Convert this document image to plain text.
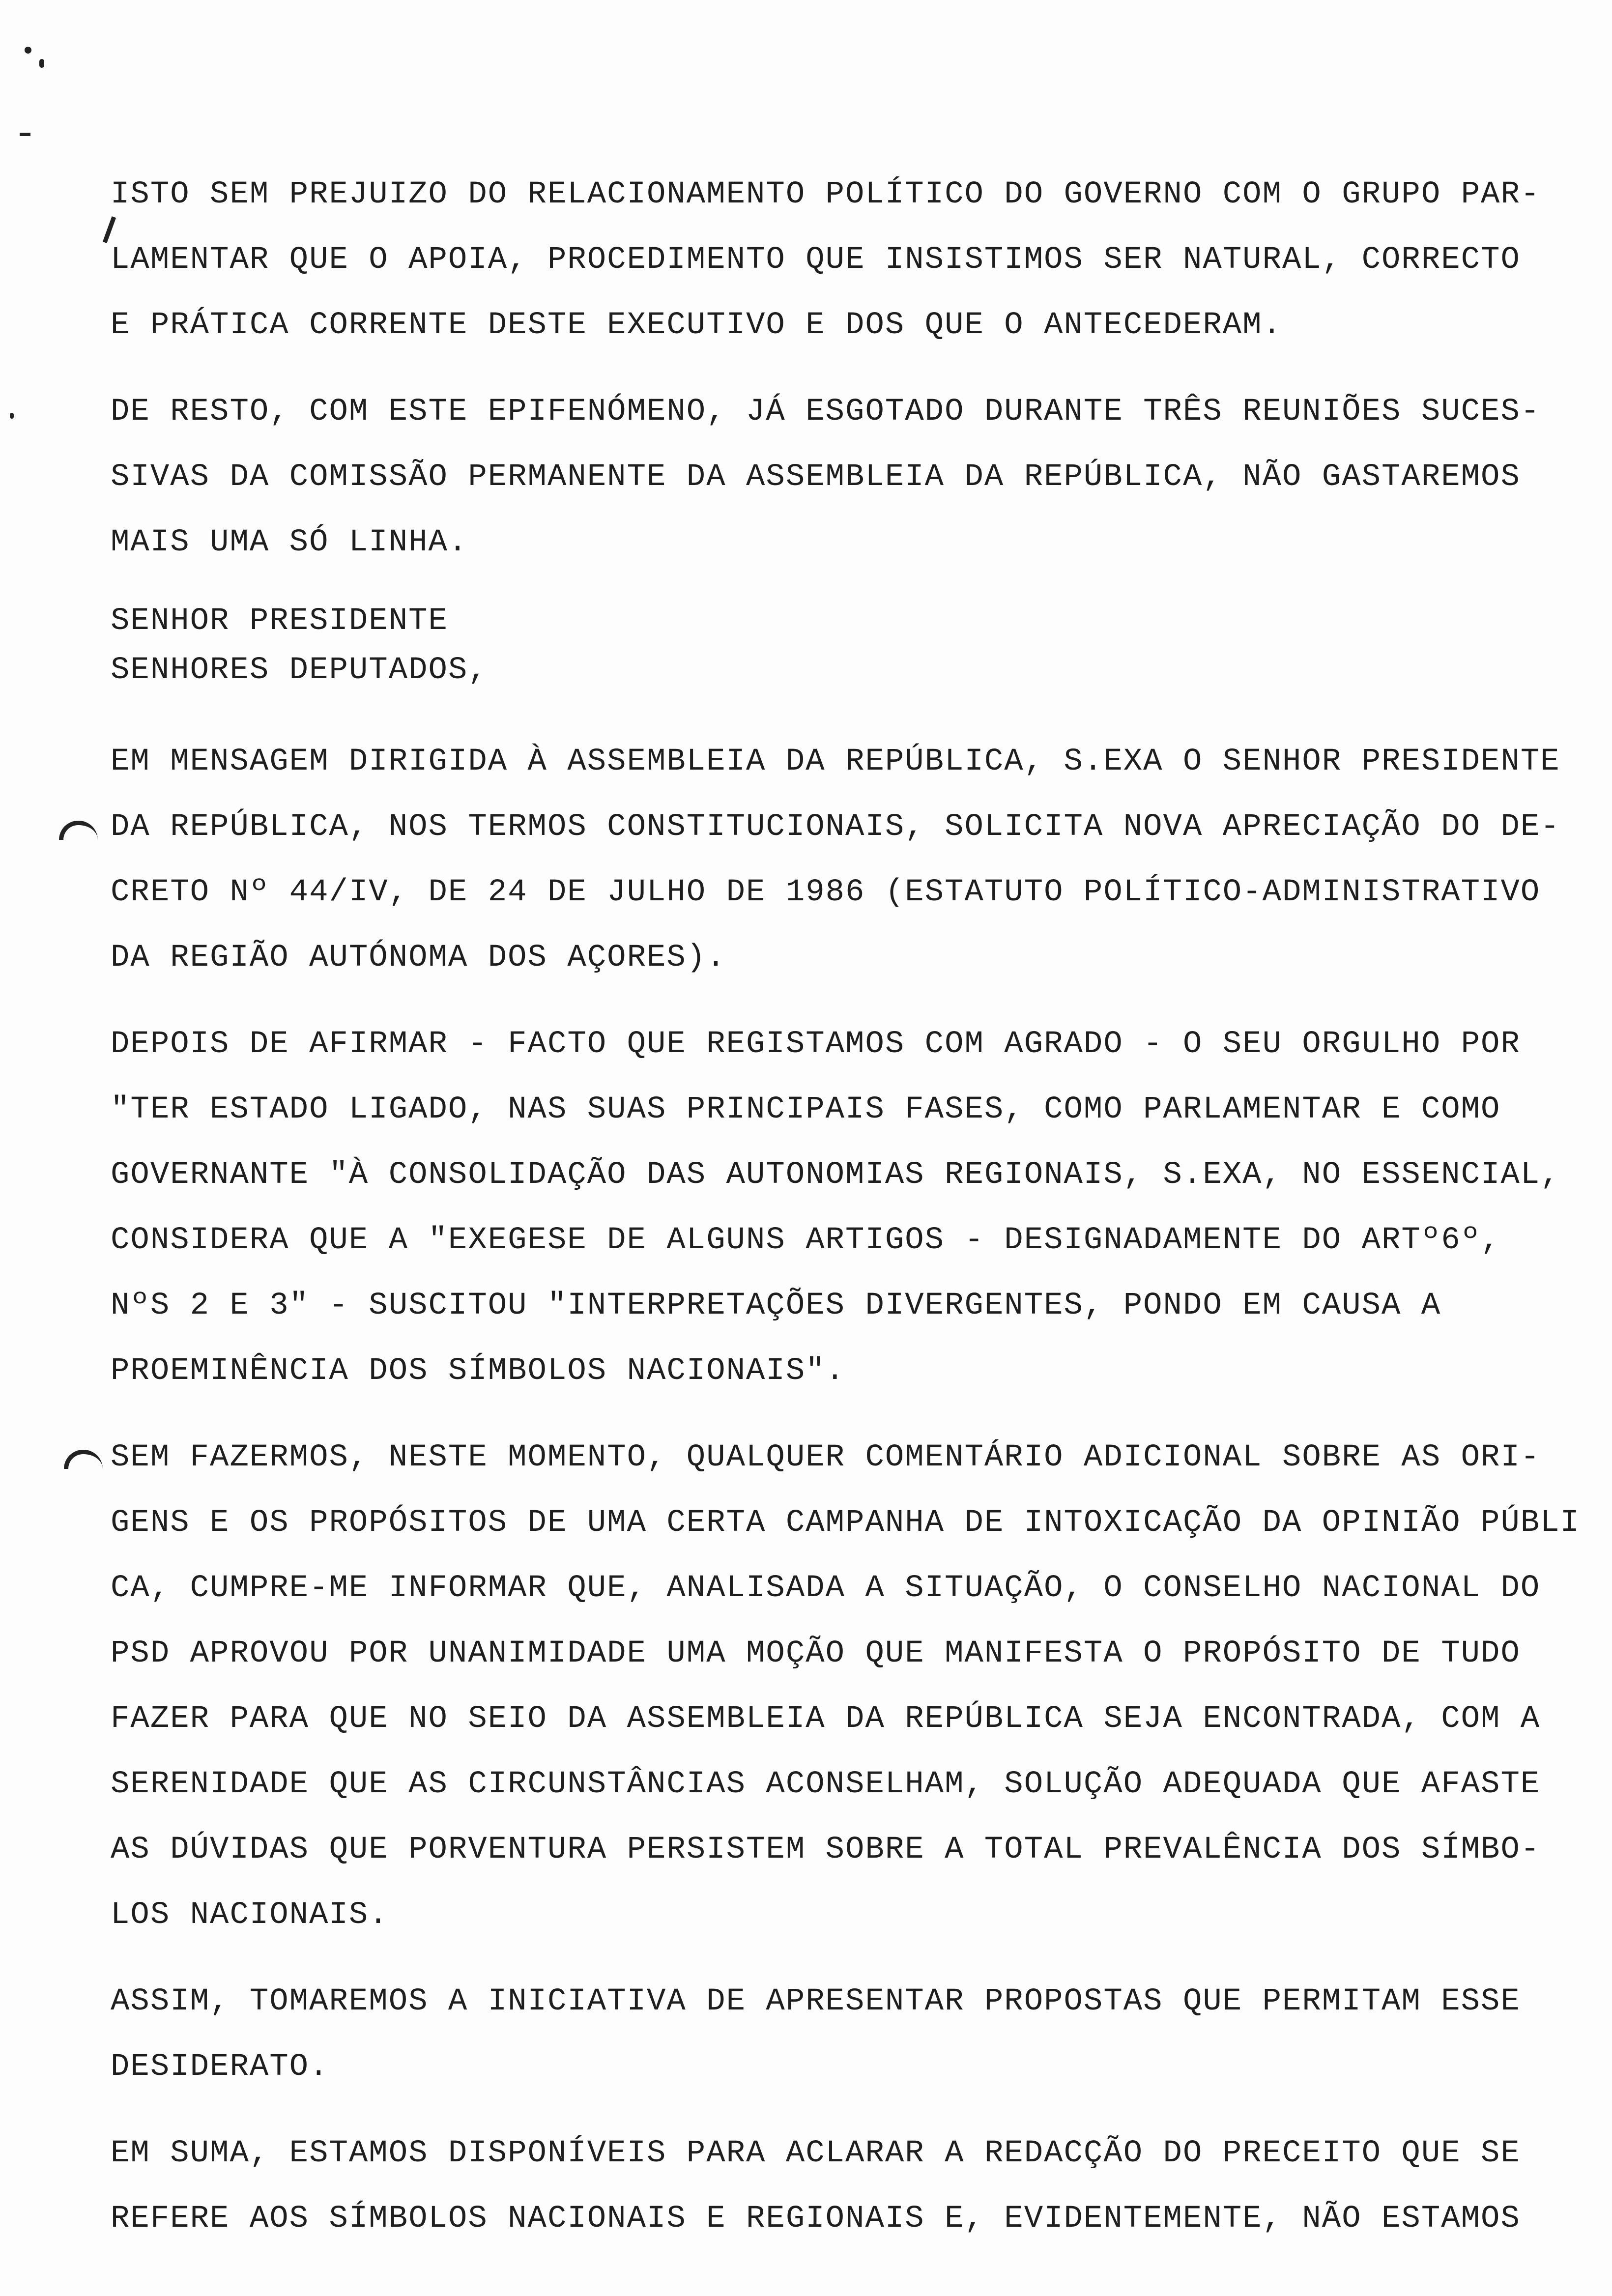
ISTO SEM PREJUIZO DO RELACIONAMENTO POLÍTICO DO GOVERNO COM O GRUPO PAR-
LAMENTAR QUE O APOIA, PROCEDIMENTO QUE INSISTIMOS SER NATURAL, CORRECTO
E PRÁTICA CORRENTE DESTE EXECUTIVO E DOS QUE O ANTECEDERAM.
DE RESTO, COM ESTE EPIFENÓMENO, JÁ ESGOTADO DURANTE TRÊS REUNIÕES SUCES-
SIVAS DA COMISSÃO PERMANENTE DA ASSEMBLEIA DA REPÚBLICA, NÃO GASTAREMOS
MAIS UMA SÓ LINHA.
SENHOR PRESIDENTE
SENHORES DEPUTADOS,
EM MENSAGEM DIRIGIDA À ASSEMBLEIA DA REPÚBLICA, S.EXA O SENHOR PRESIDENTE
DA REPÚBLICA, NOS TERMOS CONSTITUCIONAIS, SOLICITA NOVA APRECIAÇÃO DO DE-
CRETO Nº 44/IV, DE 24 DE JULHO DE 1986 (ESTATUTO POLÍTICO-ADMINISTRATIVO
DA REGIÃO AUTÓNOMA DOS AÇORES).
DEPOIS DE AFIRMAR - FACTO QUE REGISTAMOS COM AGRADO - O SEU ORGULHO POR
"TER ESTADO LIGADO, NAS SUAS PRINCIPAIS FASES, COMO PARLAMENTAR E COMO
GOVERNANTE "À CONSOLIDAÇÃO DAS AUTONOMIAS REGIONAIS, S.EXA, NO ESSENCIAL,
CONSIDERA QUE A "EXEGESE DE ALGUNS ARTIGOS - DESIGNADAMENTE DO ARTº6º,
NºS 2 E 3" - SUSCITOU "INTERPRETAÇÕES DIVERGENTES, PONDO EM CAUSA A
PROEMINÊNCIA DOS SÍMBOLOS NACIONAIS".
SEM FAZERMOS, NESTE MOMENTO, QUALQUER COMENTÁRIO ADICIONAL SOBRE AS ORI-
GENS E OS PROPÓSITOS DE UMA CERTA CAMPANHA DE INTOXICAÇÃO DA OPINIÃO PÚBLI
CA, CUMPRE-ME INFORMAR QUE, ANALISADA A SITUAÇÃO, O CONSELHO NACIONAL DO
PSD APROVOU POR UNANIMIDADE UMA MOÇÃO QUE MANIFESTA O PROPÓSITO DE TUDO
FAZER PARA QUE NO SEIO DA ASSEMBLEIA DA REPÚBLICA SEJA ENCONTRADA, COM A
SERENIDADE QUE AS CIRCUNSTÂNCIAS ACONSELHAM, SOLUÇÃO ADEQUADA QUE AFASTE
AS DÚVIDAS QUE PORVENTURA PERSISTEM SOBRE A TOTAL PREVALÊNCIA DOS SÍMBO-
LOS NACIONAIS.
ASSIM, TOMAREMOS A INICIATIVA DE APRESENTAR PROPOSTAS QUE PERMITAM ESSE
DESIDERATO.
EM SUMA, ESTAMOS DISPONÍVEIS PARA ACLARAR A REDACÇÃO DO PRECEITO QUE SE
REFERE AOS SÍMBOLOS NACIONAIS E REGIONAIS E, EVIDENTEMENTE, NÃO ESTAMOS
